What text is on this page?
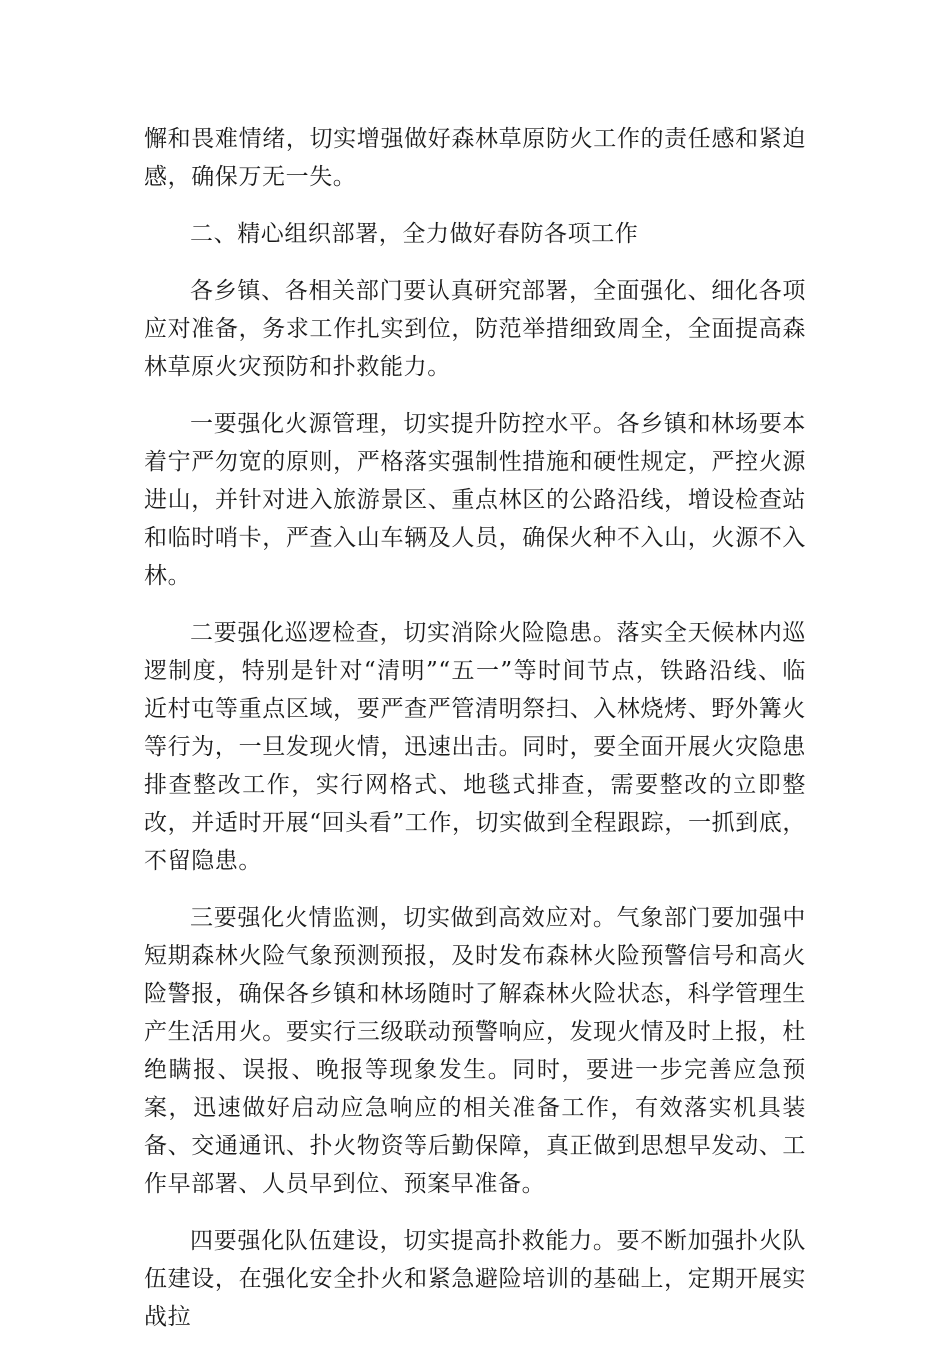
懈和畏难情绪，切实增强做好森林草原防火工作的责任感和紧迫感，确保万无一失。

二、精心组织部署，全力做好春防各项工作

各乡镇、各相关部门要认真研究部署，全面强化、细化各项应对准备，务求工作扎实到位，防范举措细致周全，全面提高森林草原火灾预防和扑救能力。

一要强化火源管理，切实提升防控水平。各乡镇和林场要本着宁严勿宽的原则，严格落实强制性措施和硬性规定，严控火源进山，并针对进入旅游景区、重点林区的公路沿线，增设检查站和临时哨卡，严查入山车辆及人员，确保火种不入山，火源不入林。

二要强化巡逻检查，切实消除火险隐患。落实全天候林内巡逻制度，特别是针对“清明”“五一”等时间节点，铁路沿线、临近村屯等重点区域，要严查严管清明祭扫、入林烧烤、野外篝火等行为，一旦发现火情，迅速出击。同时，要全面开展火灾隐患排查整改工作，实行网格式、地毯式排查，需要整改的立即整改，并适时开展“回头看”工作，切实做到全程跟踪，一抓到底，不留隐患。

三要强化火情监测，切实做到高效应对。气象部门要加强中短期森林火险气象预测预报，及时发布森林火险预警信号和高火险警报，确保各乡镇和林场随时了解森林火险状态，科学管理生产生活用火。要实行三级联动预警响应，发现火情及时上报，杜绝瞒报、误报、晚报等现象发生。同时，要进一步完善应急预案，迅速做好启动应急响应的相关准备工作，有效落实机具装备、交通通讯、扑火物资等后勤保障，真正做到思想早发动、工作早部署、人员早到位、预案早准备。

四要强化队伍建设，切实提高扑救能力。要不断加强扑火队伍建设，在强化安全扑火和紧急避险培训的基础上，定期开展实战拉
